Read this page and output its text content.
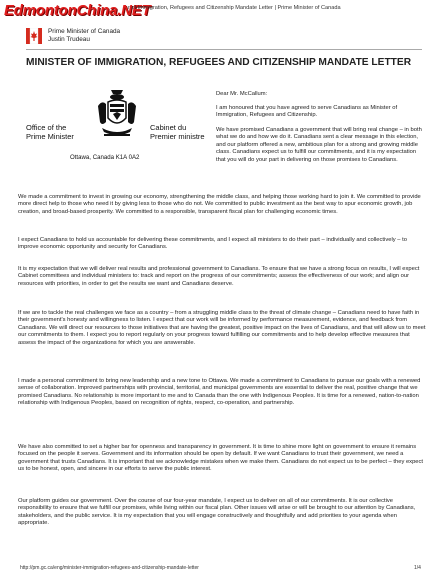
EdmontonChina.NET
r of Immigration, Refugees and Citizenship Mandate Letter | Prime Minister of Canada
Prime Minister of Canada
Justin Trudeau
MINISTER OF IMMIGRATION, REFUGEES AND CITIZENSHIP MANDATE LETTER
Office of the
Prime Minister
Cabinet du
Premier ministre
Ottawa, Canada K1A 0A2
Dear Mr. McCallum:
I am honoured that you have agreed to serve Canadians as Minister of Immigration, Refugees and Citizenship.
We have promised Canadians a government that will bring real change – in both what we do and how we do it. Canadians sent a clear message in this election, and our platform offered a new, ambitious plan for a strong and growing middle class. Canadians expect us to fulfill our commitments, and it is my expectation that you will do your part in delivering on those promises to Canadians.
We made a commitment to invest in growing our economy, strengthening the middle class, and helping those working hard to join it. We committed to provide more direct help to those who need it by giving less to those who do not. We committed to public investment as the best way to spur economic growth, job creation, and broad-based prosperity. We committed to a responsible, transparent fiscal plan for challenging economic times.
I expect Canadians to hold us accountable for delivering these commitments, and I expect all ministers to do their part – individually and collectively – to improve economic opportunity and security for Canadians.
It is my expectation that we will deliver real results and professional government to Canadians. To ensure that we have a strong focus on results, I will expect Cabinet committees and individual ministers to: track and report on the progress of our commitments; assess the effectiveness of our work; and align our resources with priorities, in order to get the results we want and Canadians deserve.
If we are to tackle the real challenges we face as a country – from a struggling middle class to the threat of climate change – Canadians need to have faith in their government's honesty and willingness to listen. I expect that our work will be informed by performance measurement, evidence, and feedback from Canadians. We will direct our resources to those initiatives that are having the greatest, positive impact on the lives of Canadians, and that will allow us to meet our commitments to them. I expect you to report regularly on your progress toward fulfilling our commitments and to help develop effective measures that assess the impact of the organizations for which you are answerable.
I made a personal commitment to bring new leadership and a new tone to Ottawa. We made a commitment to Canadians to pursue our goals with a renewed sense of collaboration. Improved partnerships with provincial, territorial, and municipal governments are essential to deliver the real, positive change that we promised Canadians. No relationship is more important to me and to Canada than the one with Indigenous Peoples. It is time for a renewed, nation-to-nation relationship with Indigenous Peoples, based on recognition of rights, respect, co-operation, and partnership.
We have also committed to set a higher bar for openness and transparency in government. It is time to shine more light on government to ensure it remains focused on the people it serves. Government and its information should be open by default. If we want Canadians to trust their government, we need a government that trusts Canadians. It is important that we acknowledge mistakes when we make them. Canadians do not expect us to be perfect – they expect us to be honest, open, and sincere in our efforts to serve the public interest.
Our platform guides our government. Over the course of our four-year mandate, I expect us to deliver on all of our commitments. It is our collective responsibility to ensure that we fulfill our promises, while living within our fiscal plan. Other issues will arise or will be brought to our attention by Canadians, stakeholders, and the public service. It is my expectation that you will engage constructively and thoughtfully and add priorities to your agenda when appropriate.
http://pm.gc.ca/eng/minister-immigration-refugees-and-citizenship-mandate-letter	1/4
